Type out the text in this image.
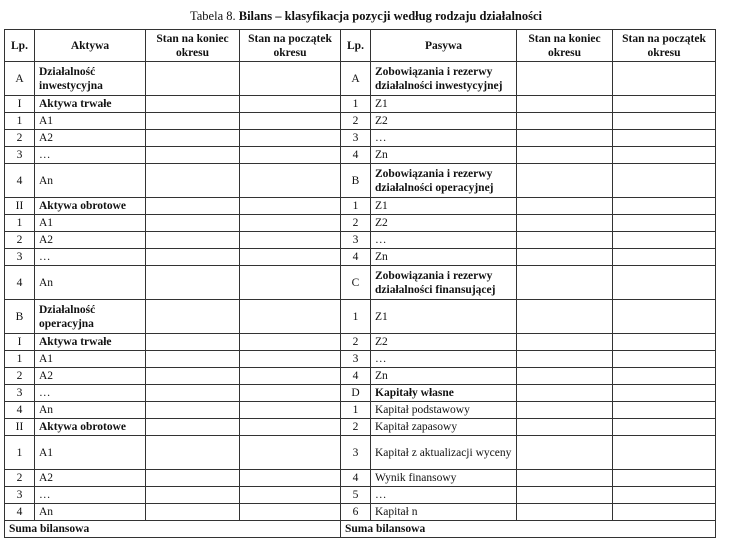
Tabela 8. Bilans – klasyfikacja pozycji według rodzaju działalności
Lp.	Aktywa	Stan na koniec okresu	Stan na początek okresu	Lp.	Pasywa	Stan na koniec okresu	Stan na początek okresu
A	Działalność inwestycyjna			A	Zobowiązania i rezerwy działalności inwestycyjnej		
I	Aktywa trwałe			1	Z1		
1	A1			2	Z2		
2	A2			3	…		
3	…			4	Zn		
4	An			B	Zobowiązania i rezerwy działalności operacyjnej		
II	Aktywa obrotowe			1	Z1		
1	A1			2	Z2		
2	A2			3	…		
3	…			4	Zn		
4	An			C	Zobowiązania i rezerwy działalności finansującej		
B	Działalność operacyjna			1	Z1		
I	Aktywa trwałe			2	Z2		
1	A1			3	…		
2	A2			4	Zn		
3	…			D	Kapitały własne		
4	An			1	Kapitał podstawowy		
II	Aktywa obrotowe			2	Kapitał zapasowy		
1	A1			3	Kapitał z aktualizacji wyceny		
2	A2			4	Wynik finansowy		
3	…			5	…		
4	An			6	Kapitał n		
Suma bilansowa				Suma bilansowa			
